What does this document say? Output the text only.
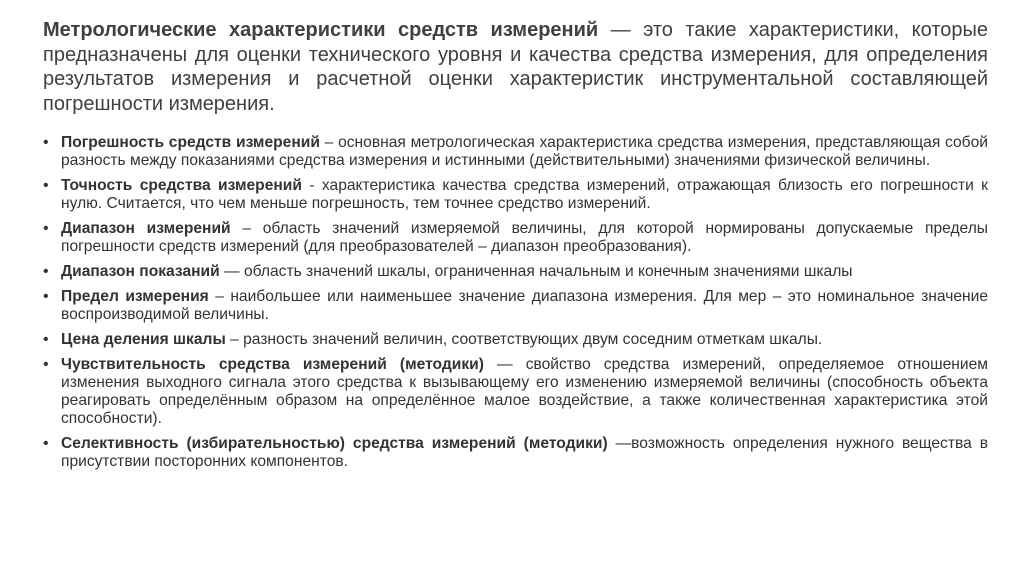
Метрологические характеристики средств измерений — это такие характеристики, которые предназначены для оценки технического уровня и качества средства измерения, для определения результатов измерения и расчетной оценки характеристик инструментальной составляющей погрешности измерения.

• Погрешность средств измерений – основная метрологическая характеристика средства измерения, представляющая собой разность между показаниями средства измерения и истинными (действительными) значениями физической величины.
• Точность средства измерений - характеристика качества средства измерений, отражающая близость его погрешности к нулю. Считается, что чем меньше погрешность, тем точнее средство измерений.
• Диапазон измерений – область значений измеряемой величины, для которой нормированы допускаемые пределы погрешности средств измерений (для преобразователей – диапазон преобразования).
• Диапазон показаний — область значений шкалы, ограниченная начальным и конечным значениями шкалы
• Предел измерения – наибольшее или наименьшее значение диапазона измерения. Для мер – это номинальное значение воспроизводимой величины.
• Цена деления шкалы – разность значений величин, соответствующих двум соседним отметкам шкалы.
• Чувствительность средства измерений (методики) — свойство средства измерений, определяемое отношением изменения выходного сигнала этого средства к вызывающему его изменению измеряемой величины (способность объекта реагировать определённым образом на определённое малое воздействие, а также количественная характеристика этой способности).
• Селективность (избирательностью) средства измерений (методики) —возможность определения нужного вещества в присутствии посторонних компонентов.
